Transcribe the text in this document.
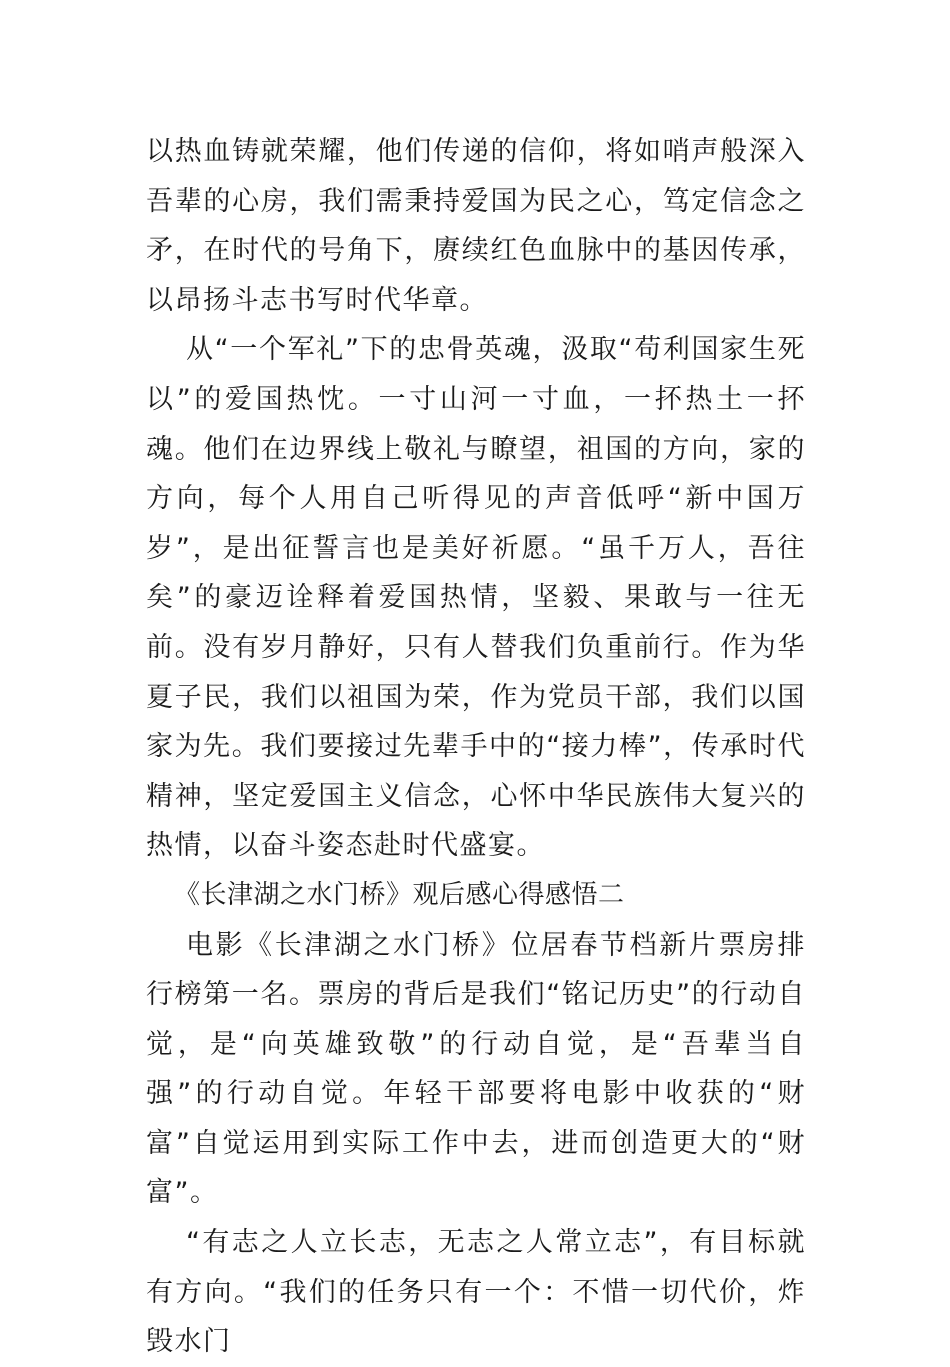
以热血铸就荣耀，他们传递的信仰，将如哨声般深入吾辈的心房，我们需秉持爱国为民之心，笃定信念之矛，在时代的号角下，赓续红色血脉中的基因传承，以昂扬斗志书写时代华章。

从“一个军礼”下的忠骨英魂，汲取“苟利国家生死以”的爱国热忱。一寸山河一寸血，一抔热土一抔魂。他们在边界线上敬礼与瞭望，祖国的方向，家的方向，每个人用自己听得见的声音低呼“新中国万岁”，是出征誓言也是美好祈愿。“虽千万人，吾往矣”的豪迈诠释着爱国热情，坚毅、果敢与一往无前。没有岁月静好，只有人替我们负重前行。作为华夏子民，我们以祖国为荣，作为党员干部，我们以国家为先。我们要接过先辈手中的“接力棒”，传承时代精神，坚定爱国主义信念，心怀中华民族伟大复兴的热情，以奋斗姿态赴时代盛宴。

《长津湖之水门桥》观后感心得感悟二

电影《长津湖之水门桥》位居春节档新片票房排行榜第一名。票房的背后是我们“铭记历史”的行动自觉，是“向英雄致敬”的行动自觉，是“吾辈当自强”的行动自觉。年轻干部要将电影中收获的“财富”自觉运用到实际工作中去，进而创造更大的“财富”。

“有志之人立长志，无志之人常立志”，有目标就有方向。“我们的任务只有一个：不惜一切代价，炸毁水门
